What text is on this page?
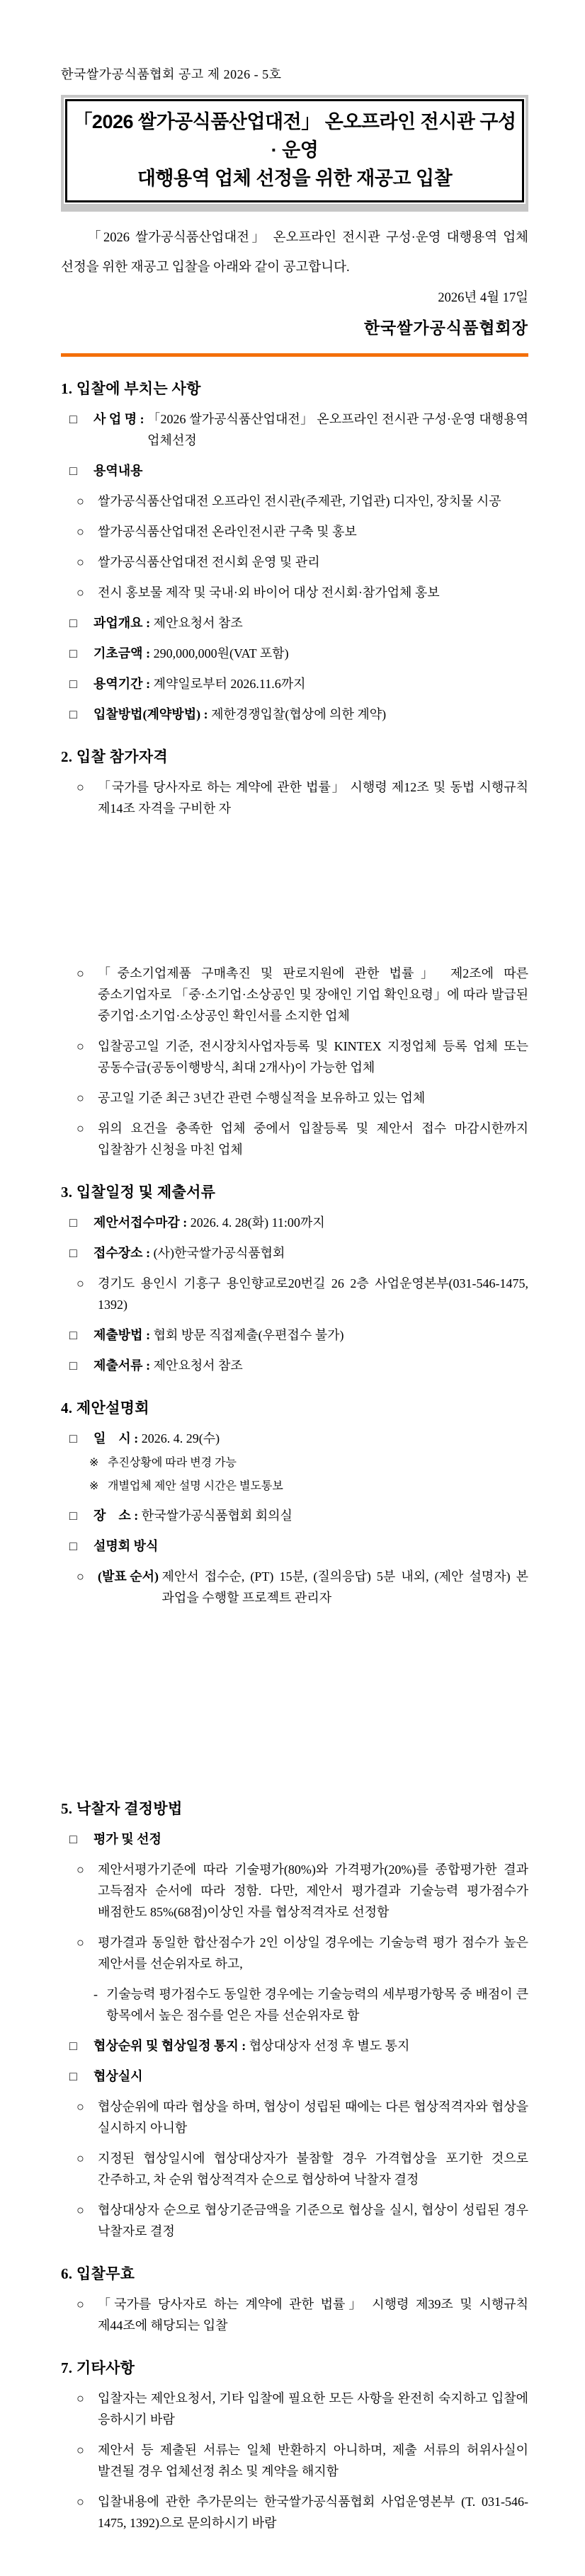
한국쌀가공식품협회 공고 제 2026 - 5호
「2026 쌀가공식품산업대전」 온오프라인 전시관 구성 · 운영
대행용역 업체 선정을 위한 재공고 입찰

「2026 쌀가공식품산업대전」 온오프라인 전시관 구성·운영 대행용역 업체 선정을 위한 재공고 입찰을 아래와 같이 공고합니다.

2026년 4월 17일
한국쌀가공식품협회장
1. 입찰에 부치는 사항
□	사 업 명 : 「2026 쌀가공식품산업대전」 온오프라인 전시관 구성·운영 대행용역 업체선정
□	용역내용
○	쌀가공식품산업대전 오프라인 전시관(주제관, 기업관) 디자인, 장치물 시공
○	쌀가공식품산업대전 온라인전시관 구축 및 홍보
○	쌀가공식품산업대전 전시회 운영 및 관리
○	전시 홍보물 제작 및 국내·외 바이어 대상 전시회·참가업체 홍보
□	과업개요 : 제안요청서 참조
□	기초금액 : 290,000,000원(VAT 포함)
□	용역기간 : 계약일로부터 2026.11.6까지
□	입찰방법(계약방법) : 제한경쟁입찰(협상에 의한 계약)
2. 입찰 참가자격
○	「국가를 당사자로 하는 계약에 관한 법률」 시행령 제12조 및 동법 시행규칙 제14조 자격을 구비한 자
○	「중소기업제품 구매촉진 및 판로지원에 관한 법률」 제2조에 따른 중소기업자로 「중·소기업·소상공인 및 장애인 기업 확인요령」에 따라 발급된 중기업·소기업·소상공인 확인서를 소지한 업체
○	입찰공고일 기준, 전시장치사업자등록 및 KINTEX 지정업체 등록 업체 또는 공동수급(공동이행방식, 최대 2개사)이 가능한 업체
○	공고일 기준 최근 3년간 관련 수행실적을 보유하고 있는 업체
○	위의 요건을 충족한 업체 중에서 입찰등록 및 제안서 접수 마감시한까지 입찰참가 신청을 마친 업체
3. 입찰일정 및 제출서류
□	제안서접수마감 : 2026. 4. 28(화) 11:00까지
□	접수장소 : (사)한국쌀가공식품협회
○	경기도 용인시 기흥구 용인향교로20번길 26 2층 사업운영본부(031-546-1475, 1392)
□	제출방법 : 협회 방문 직접제출(우편접수 불가)
□	제출서류 : 제안요청서 참조
4. 제안설명회
□	일    시 : 2026. 4. 29(수)
※ 추진상황에 따라 변경 가능
※ 개별업체 제안 설명 시간은 별도통보
□	장    소 : 한국쌀가공식품협회 회의실
□	설명회 방식
○	(발표 순서)
제안서 접수순, (PT) 15분, (질의응답) 5분 내외, (제안 설명자) 본 과업을 수행할 프로젝트 관리자
5. 낙찰자 결정방법
□	평가 및 선정
○	제안서평가기준에 따라 기술평가(80%)와 가격평가(20%)를 종합평가한 결과 고득점자 순서에 따라 정함. 다만, 제안서 평가결과 기술능력 평가점수가 배점한도 85%(68점)이상인 자를 협상적격자로 선정함
○	평가결과 동일한 합산점수가 2인 이상일 경우에는 기술능력 평가 점수가 높은 제안서를 선순위자로 하고,
- 기술능력 평가점수도 동일한 경우에는 기술능력의 세부평가항목 중 배점이 큰 항목에서 높은 점수를 얻은 자를 선순위자로 함
□	협상순위 및 협상일정 통지 : 협상대상자 선정 후 별도 통지
□	협상실시
○	협상순위에 따라 협상을 하며, 협상이 성립된 때에는 다른 협상적격자와 협상을 실시하지 아니함
○	지정된 협상일시에 협상대상자가 불참할 경우 가격협상을 포기한 것으로 간주하고, 차 순위 협상적격자 순으로 협상하여 낙찰자 결정
○	협상대상자 순으로 협상기준금액을 기준으로 협상을 실시, 협상이 성립된 경우 낙찰자로 결정
6. 입찰무효
○	「국가를 당사자로 하는 계약에 관한 법률」 시행령 제39조 및 시행규칙 제44조에 해당되는 입찰
7. 기타사항
○	입찰자는 제안요청서, 기타 입찰에 필요한 모든 사항을 완전히 숙지하고 입찰에 응하시기 바람
○	제안서 등 제출된 서류는 일체 반환하지 아니하며, 제출 서류의 허위사실이 발견될 경우 업체선정 취소 및 계약을 해지함
○	입찰내용에 관한 추가문의는 한국쌀가공식품협회 사업운영본부 (T. 031-546-1475, 1392)으로 문의하시기 바람
